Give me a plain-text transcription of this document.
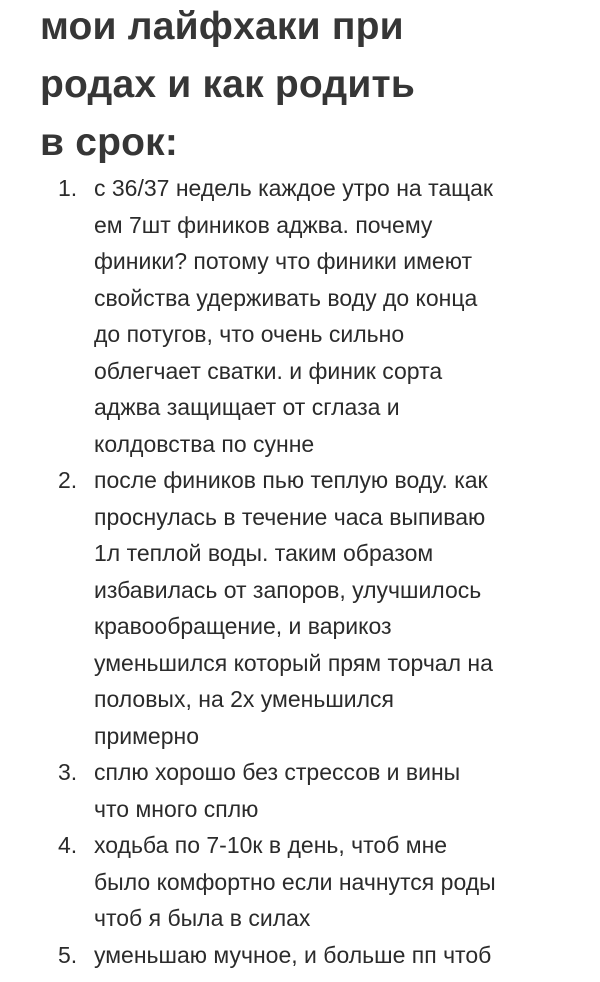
мои лайфхаки при
родах и как родить
в срок:
1. с 36/37 недель каждое утро на тащак
ем 7шт фиников аджва. почему
финики? потому что финики имеют
свойства удерживать воду до конца
до потугов, что очень сильно
облегчает сватки. и финик сорта
аджва защищает от сглаза и
колдовства по сунне
2. после фиников пью теплую воду. как
проснулась в течение часа выпиваю
1л теплой воды. таким образом
избавилась от запоров, улучшилось
кравообращение, и варикоз
уменьшился который прям торчал на
половых, на 2х уменьшился
примерно
3. сплю хорошо без стрессов и вины
что много сплю
4. ходьба по 7-10к в день, чтоб мне
было комфортно если начнутся роды
чтоб я была в силах
5. уменьшаю мучное, и больше пп чтоб
